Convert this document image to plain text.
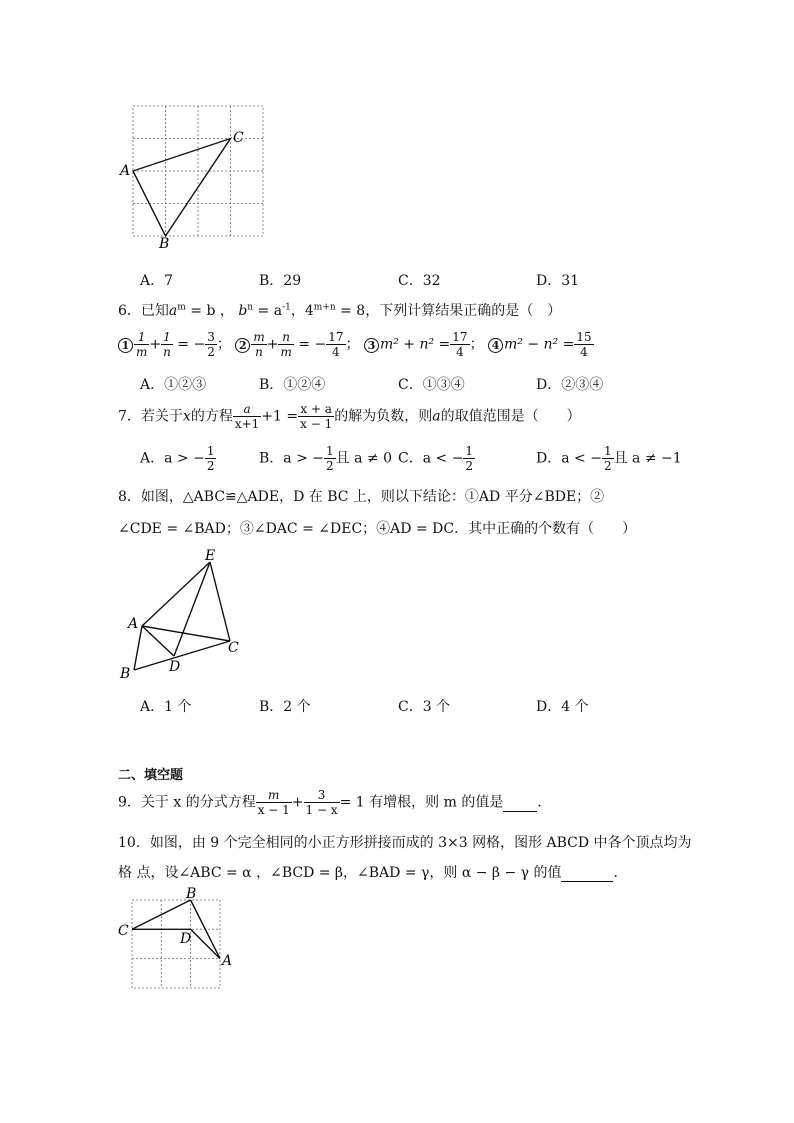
A
C
B
A．7	B．29	C．32	D．31
6．已知$a^m = b$ ， $b^n = a^{-1}$，$4^{m+n} = 8$，下列计算结果正确的是（　）
$1 \frac{1}{m} + \frac{1}{n}$ = − $\frac{3}{2}$ ； $2 \frac{m}{n} + \frac{n}{m}$ = − $\frac{17}{4}$ ； 3 $m^2 + n^2 = \frac{17}{4}$ ； 4 $m^2 - n^2 = \frac{15}{4}$
A．①②③	B．①②④	C．①③④	D．②③④
7．若关于x的方程 $\frac{a}{x+1} +1 = \frac{x + a}{x - 1}$ 的解为负数，则a的取值范围是（　　）
A．a > − $\frac{1}{2}$	B．a > − $\frac{1}{2}$ 且 a ≠ 0 C．a < − $\frac{1}{2}$	D．a < − $\frac{1}{2}$ 且 a ≠ −1
8．如图，△ABC≌△ADE，D 在 BC 上，则以下结论：①AD 平分∠BDE；②
∠CDE = ∠BAD；③∠DAC = ∠DEC；④AD = DC．其中正确的个数有（　　）
E
A
C
D
B
A．1 个	B．2 个	C．3 个	D．4 个
二、填空题
9．关于 x 的分式方程 $\frac{m}{x - 1} + \frac{3}{1 - x} = 1$ 有增根，则 m 的值是 ．
10．如图，由 9 个完全相同的小正方形拼接而成的 3×3 网格，图形 ABCD 中各个顶点均为
格 点，设∠ABC = α ，∠BCD = β，∠BAD = γ，则 α − β − γ 的值	．
B
C	D
A
